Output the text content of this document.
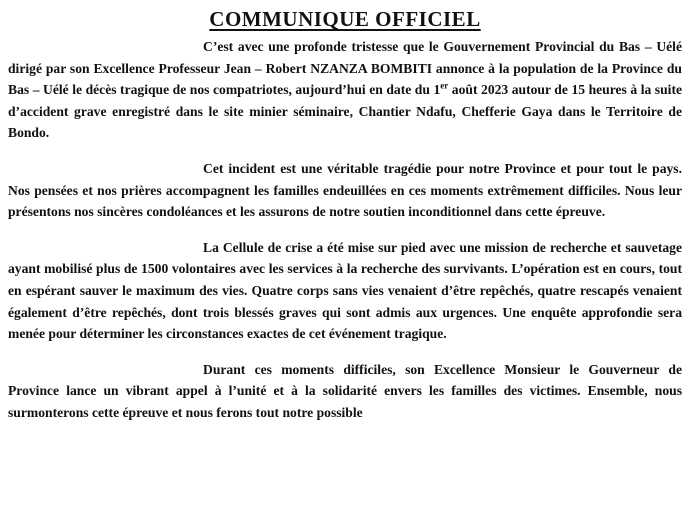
COMMUNIQUE OFFICIEL

C’est avec une profonde tristesse que le Gouvernement Provincial du Bas – Uélé dirigé par son Excellence Professeur Jean – Robert NZANZA BOMBITI annonce à la population de la Province du Bas – Uélé le décès tragique de nos compatriotes, aujourd’hui en date du 1er août 2023 autour de 15 heures à la suite d’accident grave enregistré dans le site minier séminaire, Chantier Ndafu, Chefferie Gaya dans le Territoire de Bondo.

Cet incident est une véritable tragédie pour notre Province et pour tout le pays. Nos pensées et nos prières accompagnent les familles endeuillées en ces moments extrêmement difficiles. Nous leur présentons nos sincères condoléances et les assurons de notre soutien inconditionnel dans cette épreuve.

La Cellule de crise a été mise sur pied avec une mission de recherche et sauvetage ayant mobilisé plus de 1500 volontaires avec les services à la recherche des survivants. L’opération est en cours, tout en espérant sauver le maximum des vies. Quatre corps sans vies venaient d’être repêchés, quatre rescapés venaient également d’être repêchés, dont trois blessés graves qui sont admis aux urgences. Une enquête approfondie sera menée pour déterminer les circonstances exactes de cet événement tragique.

Durant ces moments difficiles, son Excellence Monsieur le Gouverneur de Province lance un vibrant appel à l’unité et à la solidarité envers les familles des victimes. Ensemble, nous surmonterons cette épreuve et nous ferons tout notre possible
